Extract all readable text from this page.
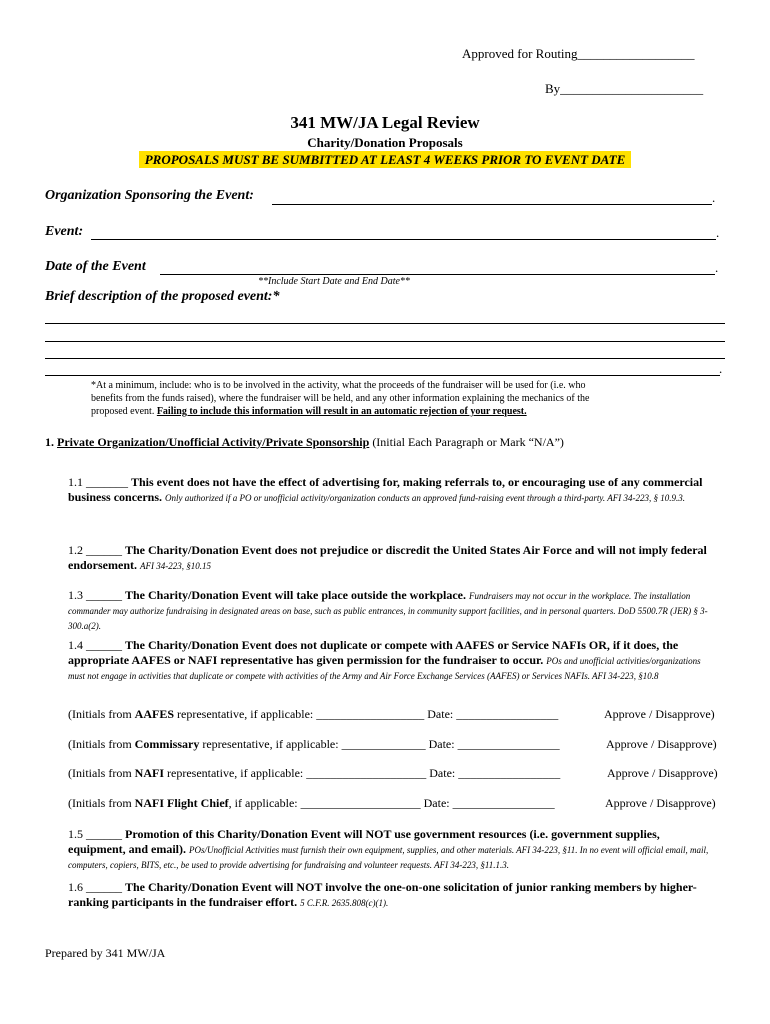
Approved for Routing__________________
By______________________
341 MW/JA Legal Review
Charity/Donation Proposals
PROPOSALS MUST BE SUMBITTED AT LEAST 4 WEEKS PRIOR TO EVENT DATE
Organization Sponsoring the Event:	.
Event:	.
Date of the Event	.
**Include Start Date and End Date**
Brief description of the proposed event:*
.
*At a minimum, include: who is to be involved in the activity, what the proceeds of the fundraiser will be used for (i.e. who
benefits from the funds raised), where the fundraiser will be held, and any other information explaining the mechanics of the
proposed event. Failing to include this information will result in an automatic rejection of your request.
1. Private Organization/Unofficial Activity/Private Sponsorship (Initial Each Paragraph or Mark “N/A”)
1.1 _______ This event does not have the effect of advertising for, making referrals to, or encouraging use of any commercial business concerns. Only authorized if a PO or unofficial activity/organization conducts an approved fund-raising event through a third-party. AFI 34-223, § 10.9.3.
1.2 ______ The Charity/Donation Event does not prejudice or discredit the United States Air Force and will not imply federal endorsement. AFI 34-223, §10.15
1.3 ______ The Charity/Donation Event will take place outside the workplace. Fundraisers may not occur in the workplace. The installation commander may authorize fundraising in designated areas on base, such as public entrances, in community support facilities, and in personal quarters. DoD 5500.7R (JER) § 3-300.a(2).
1.4 ______ The Charity/Donation Event does not duplicate or compete with AAFES or Service NAFIs OR, if it does, the appropriate AAFES or NAFI representative has given permission for the fundraiser to occur. POs and unofficial activities/organizations must not engage in activities that duplicate or compete with activities of the Army and Air Force Exchange Services (AAFES) or Services NAFIs. AFI 34-223, §10.8
(Initials from AAFES representative, if applicable: __________________ Date: _________________	Approve / Disapprove)
(Initials from Commissary representative, if applicable: ______________ Date: _________________	Approve / Disapprove)
(Initials from NAFI representative, if applicable: ____________________ Date: _________________	Approve / Disapprove)
(Initials from NAFI Flight Chief, if applicable: ____________________ Date: _________________	Approve / Disapprove)
1.5 ______ Promotion of this Charity/Donation Event will NOT use government resources (i.e. government supplies, equipment, and email). POs/Unofficial Activities must furnish their own equipment, supplies, and other materials. AFI 34-223, §11. In no event will official email, mail, computers, copiers, BITS, etc., be used to provide advertising for fundraising and volunteer requests. AFI 34-223, §11.1.3.
1.6 ______ The Charity/Donation Event will NOT involve the one-on-one solicitation of junior ranking members by higher-ranking participants in the fundraiser effort. 5 C.F.R. 2635.808(c)(1).
Prepared by 341 MW/JA
